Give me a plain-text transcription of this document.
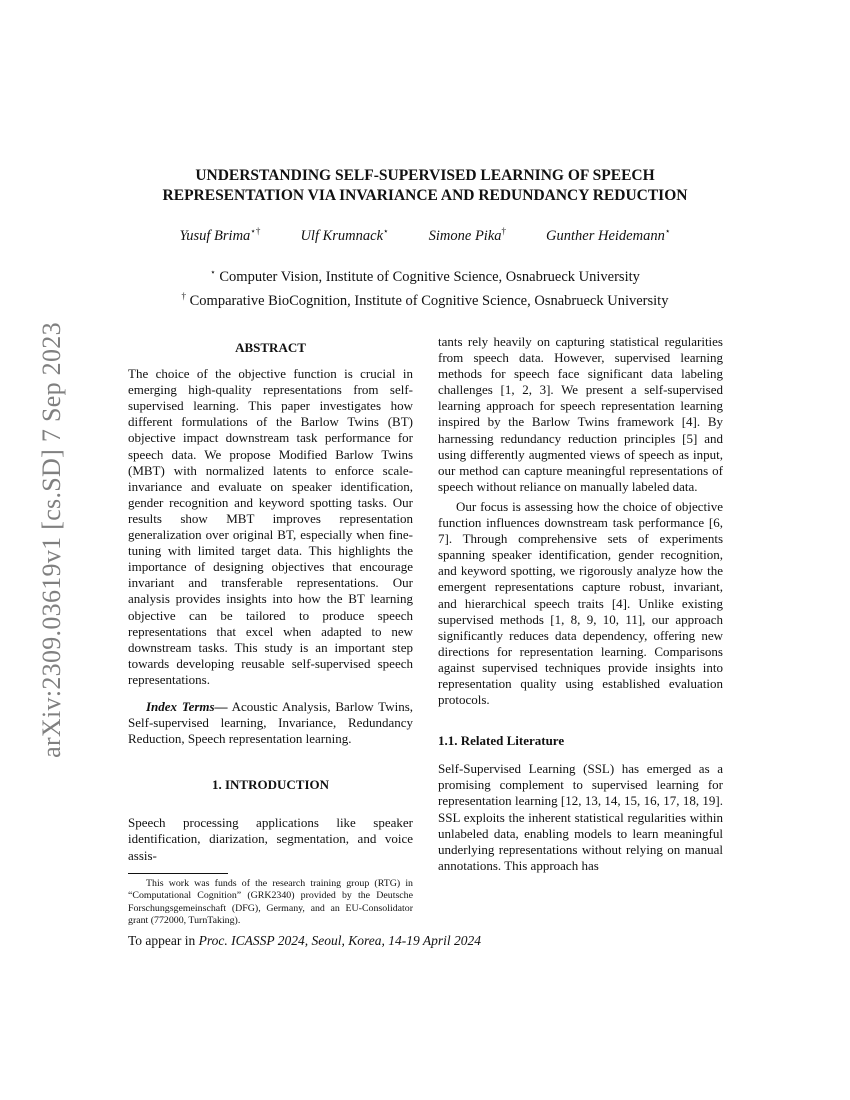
arXiv:2309.03619v1 [cs.SD] 7 Sep 2023
UNDERSTANDING SELF-SUPERVISED LEARNING OF SPEECH
REPRESENTATION VIA INVARIANCE AND REDUNDANCY REDUCTION
Yusuf Brima⋆†	Ulf Krumnack⋆	Simone Pika†	Gunther Heidemann⋆
⋆ Computer Vision, Institute of Cognitive Science, Osnabrueck University
† Comparative BioCognition, Institute of Cognitive Science, Osnabrueck University
ABSTRACT

The choice of the objective function is crucial in emerging high-quality representations from self-supervised learning. This paper investigates how different formulations of the Barlow Twins (BT) objective impact downstream task performance for speech data. We propose Modified Barlow Twins (MBT) with normalized latents to enforce scale-invariance and evaluate on speaker identification, gender recognition and keyword spotting tasks. Our results show MBT improves representation generalization over original BT, especially when fine-tuning with limited target data. This highlights the importance of designing objectives that encourage invariant and transferable representations. Our analysis provides insights into how the BT learning objective can be tailored to produce speech representations that excel when adapted to new downstream tasks. This study is an important step towards developing reusable self-supervised speech representations.

Index Terms— Acoustic Analysis, Barlow Twins, Self-supervised learning, Invariance, Redundancy Reduction, Speech representation learning.

1. INTRODUCTION

Speech processing applications like speaker identification, diarization, segmentation, and voice assis-

This work was funds of the research training group (RTG) in “Computational Cognition” (GRK2340) provided by the Deutsche Forschungsgemeinschaft (DFG), Germany, and an EU-Consolidator grant (772000, TurnTaking).

tants rely heavily on capturing statistical regularities from speech data. However, supervised learning methods for speech face significant data labeling challenges [1, 2, 3]. We present a self-supervised learning approach for speech representation learning inspired by the Barlow Twins framework [4]. By harnessing redundancy reduction principles [5] and using differently augmented views of speech as input, our method can capture meaningful representations of speech without reliance on manually labeled data.

Our focus is assessing how the choice of objective function influences downstream task performance [6, 7]. Through comprehensive sets of experiments spanning speaker identification, gender recognition, and keyword spotting, we rigorously analyze how the emergent representations capture robust, invariant, and hierarchical speech traits [4]. Unlike existing supervised methods [1, 8, 9, 10, 11], our approach significantly reduces data dependency, offering new directions for representation learning. Comparisons against supervised techniques provide insights into representation quality using established evaluation protocols.

1.1. Related Literature

Self-Supervised Learning (SSL) has emerged as a promising complement to supervised learning for representation learning [12, 13, 14, 15, 16, 17, 18, 19]. SSL exploits the inherent statistical regularities within unlabeled data, enabling models to learn meaningful underlying representations without relying on manual annotations. This approach has

To appear in Proc. ICASSP 2024, Seoul, Korea, 14-19 April 2024
